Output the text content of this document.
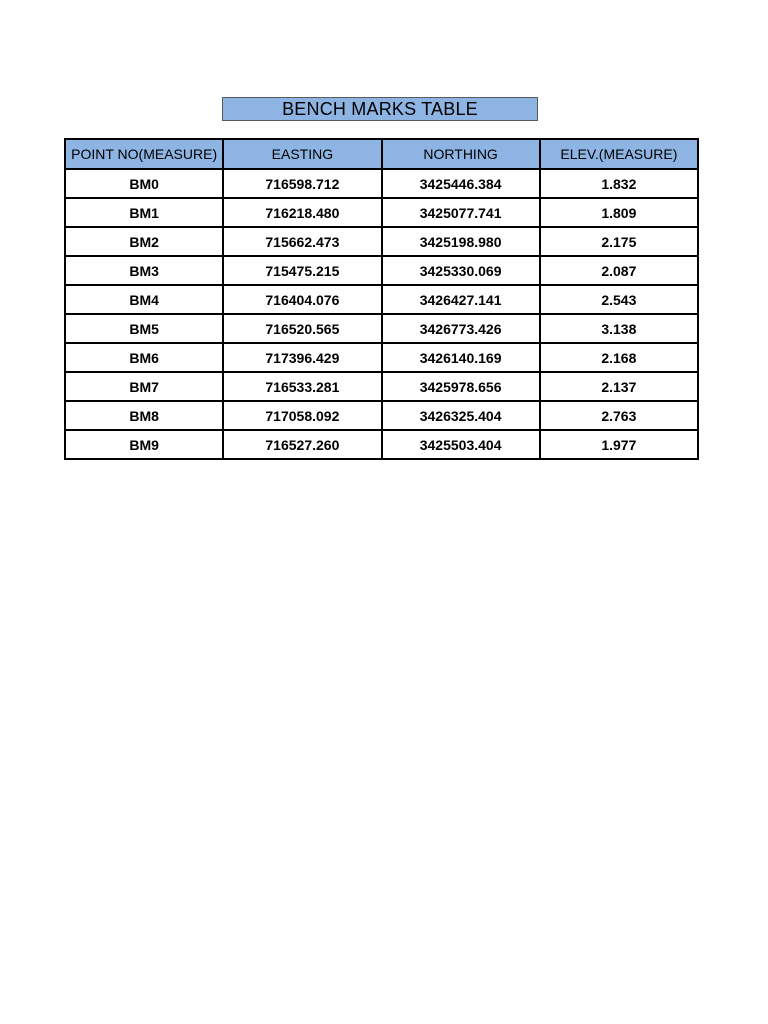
BENCH MARKS TABLE
POINT NO(MEASURE)	EASTING	NORTHING	ELEV.(MEASURE)
BM0	716598.712	3425446.384	1.832
BM1	716218.480	3425077.741	1.809
BM2	715662.473	3425198.980	2.175
BM3	715475.215	3425330.069	2.087
BM4	716404.076	3426427.141	2.543
BM5	716520.565	3426773.426	3.138
BM6	717396.429	3426140.169	2.168
BM7	716533.281	3425978.656	2.137
BM8	717058.092	3426325.404	2.763
BM9	716527.260	3425503.404	1.977
